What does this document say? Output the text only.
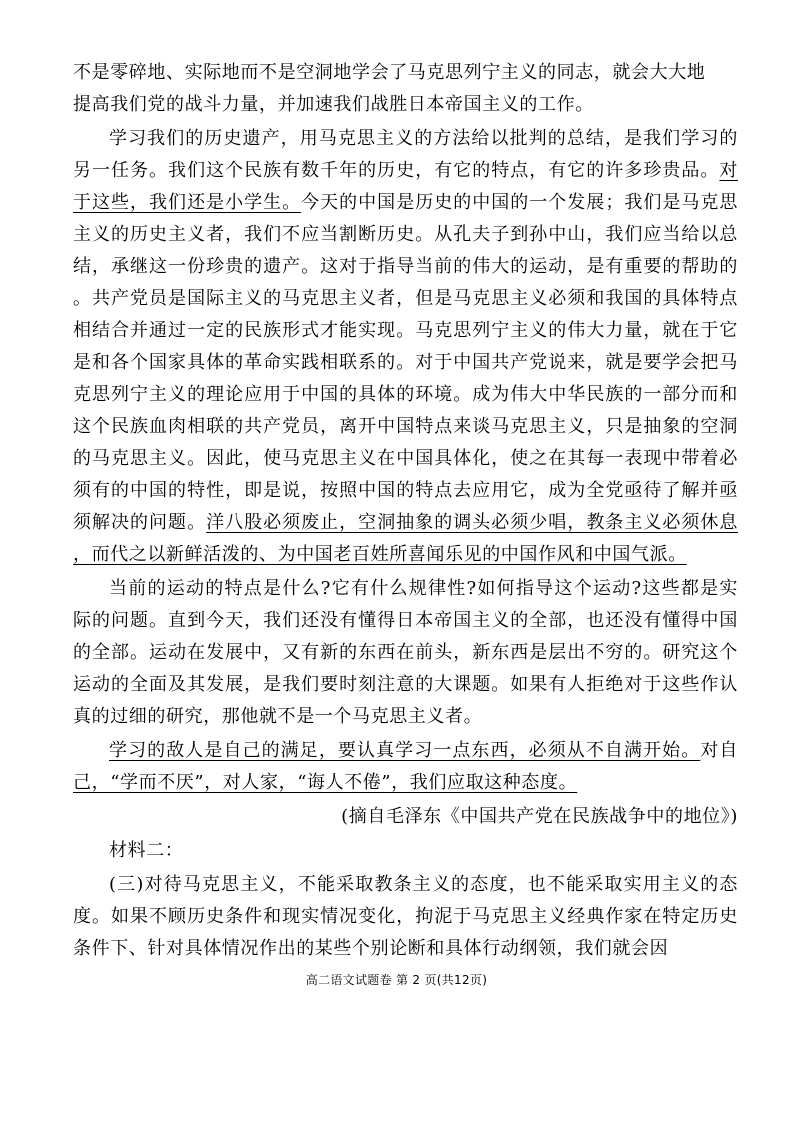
不是零碎地、实际地而不是空洞地学会了马克思列宁主义的同志，就会大大地
提高我们党的战斗力量，并加速我们战胜日本帝国主义的工作。
学习我们的历史遗产，用马克思主义的方法给以批判的总结，是我们学习的
另一任务。我们这个民族有数千年的历史，有它的特点，有它的许多珍贵品。对
于这些，我们还是小学生。今天的中国是历史的中国的一个发展；我们是马克思
主义的历史主义者，我们不应当割断历史。从孔夫子到孙中山，我们应当给以总
结，承继这一份珍贵的遗产。这对于指导当前的伟大的运动，是有重要的帮助的
。共产党员是国际主义的马克思主义者，但是马克思主义必须和我国的具体特点
相结合并通过一定的民族形式才能实现。马克思列宁主义的伟大力量，就在于它
是和各个国家具体的革命实践相联系的。对于中国共产党说来，就是要学会把马
克思列宁主义的理论应用于中国的具体的环境。成为伟大中华民族的一部分而和
这个民族血肉相联的共产党员，离开中国特点来谈马克思主义，只是抽象的空洞
的马克思主义。因此，使马克思主义在中国具体化，使之在其每一表现中带着必
须有的中国的特性，即是说，按照中国的特点去应用它，成为全党亟待了解并亟
须解决的问题。洋八股必须废止，空洞抽象的调头必须少唱，教条主义必须休息
，而代之以新鲜活泼的、为中国老百姓所喜闻乐见的中国作风和中国气派。
当前的运动的特点是什么?它有什么规律性?如何指导这个运动?这些都是实
际的问题。直到今天，我们还没有懂得日本帝国主义的全部，也还没有懂得中国
的全部。运动在发展中，又有新的东西在前头，新东西是层出不穷的。研究这个
运动的全面及其发展，是我们要时刻注意的大课题。如果有人拒绝对于这些作认
真的过细的研究，那他就不是一个马克思主义者。
学习的敌人是自己的满足，要认真学习一点东西，必须从不自满开始。对自
己，“学而不厌”，对人家，“诲人不倦”，我们应取这种态度。
(摘自毛泽东《中国共产党在民族战争中的地位》)
材料二：
(三)对待马克思主义，不能采取教条主义的态度，也不能采取实用主义的态
度。如果不顾历史条件和现实情况变化，拘泥于马克思主义经典作家在特定历史
条件下、针对具体情况作出的某些个别论断和具体行动纲领，我们就会因
高二语文试题卷 第 2 页(共12页)
